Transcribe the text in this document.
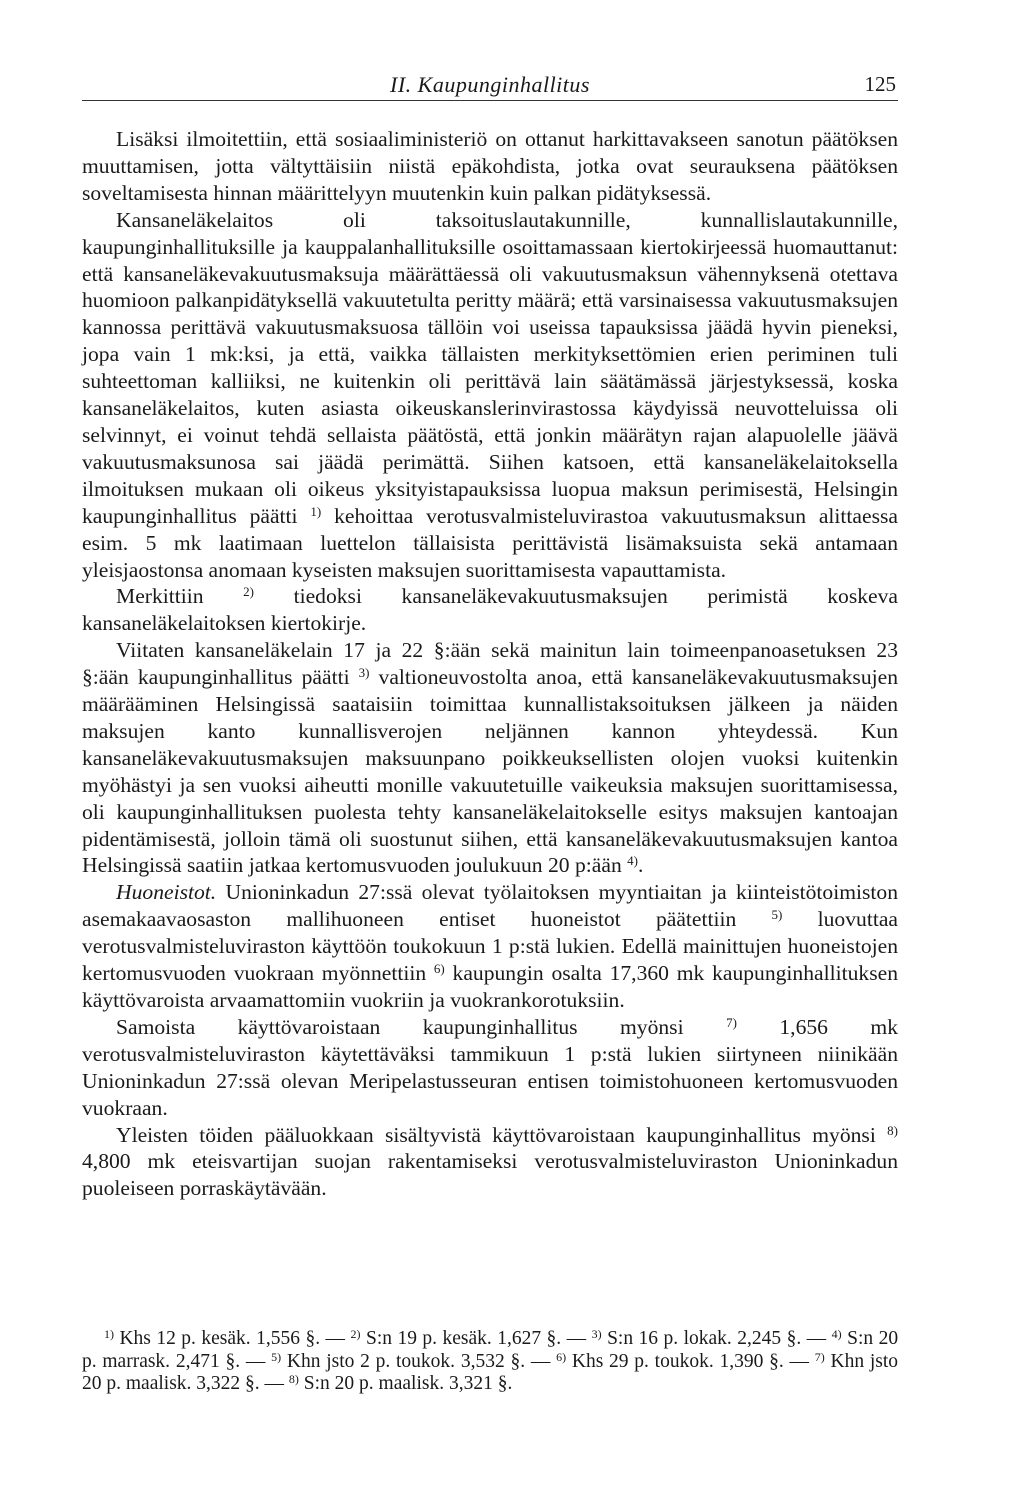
II. Kaupunginhallitus	125

Lisäksi ilmoitettiin, että sosiaaliministeriö on ottanut harkittavakseen sanotun päätöksen muuttamisen, jotta vältyttäisiin niistä epäkohdista, jotka ovat seurauksena päätöksen soveltamisesta hinnan määrittelyyn muutenkin kuin palkan pidätyksessä.

Kansaneläkelaitos oli taksoituslautakunnille, kunnallislautakunnille, kaupunginhallituksille ja kauppalanhallituksille osoittamassaan kiertokirjeessä huomauttanut: että kansaneläkevakuutusmaksuja määrättäessä oli vakuutusmaksun vähennyksenä otettava huomioon palkanpidätyksellä vakuutetulta peritty määrä; että varsinaisessa vakuutusmaksujen kannossa perittävä vakuutusmaksuosa tällöin voi useissa tapauksissa jäädä hyvin pieneksi, jopa vain 1 mk:ksi, ja että, vaikka tällaisten merkityksettömien erien periminen tuli suhteettoman kalliiksi, ne kuitenkin oli perittävä lain säätämässä järjestyksessä, koska kansaneläkelaitos, kuten asiasta oikeuskanslerinvirastossa käydyissä neuvotteluissa oli selvinnyt, ei voinut tehdä sellaista päätöstä, että jonkin määrätyn rajan alapuolelle jäävä vakuutusmaksunosa sai jäädä perimättä. Siihen katsoen, että kansaneläkelaitoksella ilmoituksen mukaan oli oikeus yksityistapauksissa luopua maksun perimisestä, Helsingin kaupunginhallitus päätti $^{1)}$ kehoittaa verotusvalmisteluvirastoa vakuutusmaksun alittaessa esim. 5 mk laatimaan luettelon tällaisista perittävistä lisämaksuista sekä antamaan yleisjaostonsa anomaan kyseisten maksujen suorittamisesta vapauttamista.

Merkittiin	$^{2)}$ tiedoksi kansaneläkevakuutusmaksujen perimistä koskeva kansaneläkelaitoksen kiertokirje.

Viitaten kansaneläkelain 17 ja 22 §:ään sekä mainitun lain toimeenpanoasetuksen 23 §:ään kaupunginhallitus päätti $^{3)}$ valtioneuvostolta anoa, että kansaneläkevakuutusmaksujen määrääminen Helsingissä saataisiin toimittaa kunnallistaksoituksen jälkeen ja näiden maksujen kanto kunnallisverojen neljännen kannon yhteydessä. Kun kansaneläkevakuutusmaksujen maksuunpano poikkeuksellisten olojen vuoksi kuitenkin myöhästyi ja sen vuoksi aiheutti monille vakuutetuille vaikeuksia maksujen suorittamisessa, oli kaupunginhallituksen puolesta tehty kansaneläkelaitokselle esitys maksujen kantoajan pidentämisestä, jolloin tämä oli suostunut siihen, että kansaneläkevakuutusmaksujen kantoa Helsingissä saatiin jatkaa kertomusvuoden joulukuun 20 p:ään $^{4)}$.

Huoneistot. Unioninkadun 27:ssä olevat työlaitoksen myyntiaitan ja kiinteistötoimiston asemakaavaosaston mallihuoneen entiset huoneistot päätettiin	$^{5)}$ luovuttaa verotusvalmisteluviraston käyttöön toukokuun 1 p:stä lukien. Edellä mainittujen huoneistojen kertomusvuoden vuokraan myönnettiin $^{6)}$ kaupungin osalta 17,360 mk kaupunginhallituksen käyttövaroista arvaamattomiin vuokriin ja vuokrankorotuksiin.

Samoista käyttövaroistaan kaupunginhallitus myönsi	$^{7)}$ 1,656 mk verotusvalmisteluviraston käytettäväksi tammikuun 1 p:stä lukien siirtyneen niinikään Unioninkadun 27:ssä olevan Meripelastusseuran entisen toimistohuoneen kertomusvuoden vuokraan.

Yleisten töiden pääluokkaan sisältyvistä käyttövaroistaan kaupunginhallitus myönsi $^{8)}$ 4,800 mk eteisvartijan suojan rakentamiseksi verotusvalmisteluviraston Unioninkadun puoleiseen porraskäytävään.

$^{1)}$ Khs 12 p. kesäk. 1,556 §. — $^{2)}$ S:n 19 p. kesäk. 1,627 §. — $^{3)}$ S:n 16 p. lokak. 2,245 §. — $^{4)}$ S:n 20 p. marrask. 2,471 §. — $^{5)}$ Khn jsto 2 p. toukok. 3,532 §. — $^{6)}$ Khs 29 p. toukok. 1,390 §. — $^{7)}$ Khn jsto 20 p. maalisk. 3,322 §. — $^{8)}$ S:n 20 p. maalisk. 3,321 §.
